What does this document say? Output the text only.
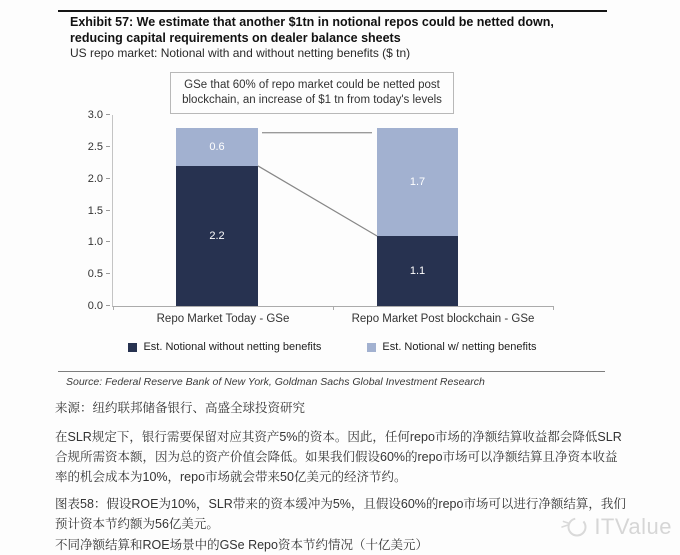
Exhibit 57: We estimate that another $1tn in notional repos could be netted down, reducing capital requirements on dealer balance sheets
US repo market: Notional with and without netting benefits ($ tn)
GSe that 60% of repo market could be netted post blockchain, an increase of $1 tn from today's levels
3.0
2.5
2.0
1.5
1.0
0.5
0.0
2.2
0.6
Repo Market Today - GSe
1.1
1.7
Repo Market Post blockchain - GSe
Est. Notional without netting benefits	Est. Notional w/ netting benefits
Source: Federal Reserve Bank of New York, Goldman Sachs Global Investment Research

来源：纽约联邦储备银行、高盛全球投资研究

在SLR规定下，银行需要保留对应其资产5%的资本。因此，任何repo市场的净额结算收益都会降低SLR合规所需资本额，因为总的资产价值会降低。如果我们假设60%的repo市场可以净额结算且净资本收益率的机会成本为10%，repo市场就会带来50亿美元的经济节约。

图表58：假设ROE为10%，SLR带来的资本缓冲为5%，且假设60%的repo市场可以进行净额结算，我们预计资本节约额为56亿美元。

不同净额结算和ROE场景中的GSe Repo资本节约情况（十亿美元）

ITValue
